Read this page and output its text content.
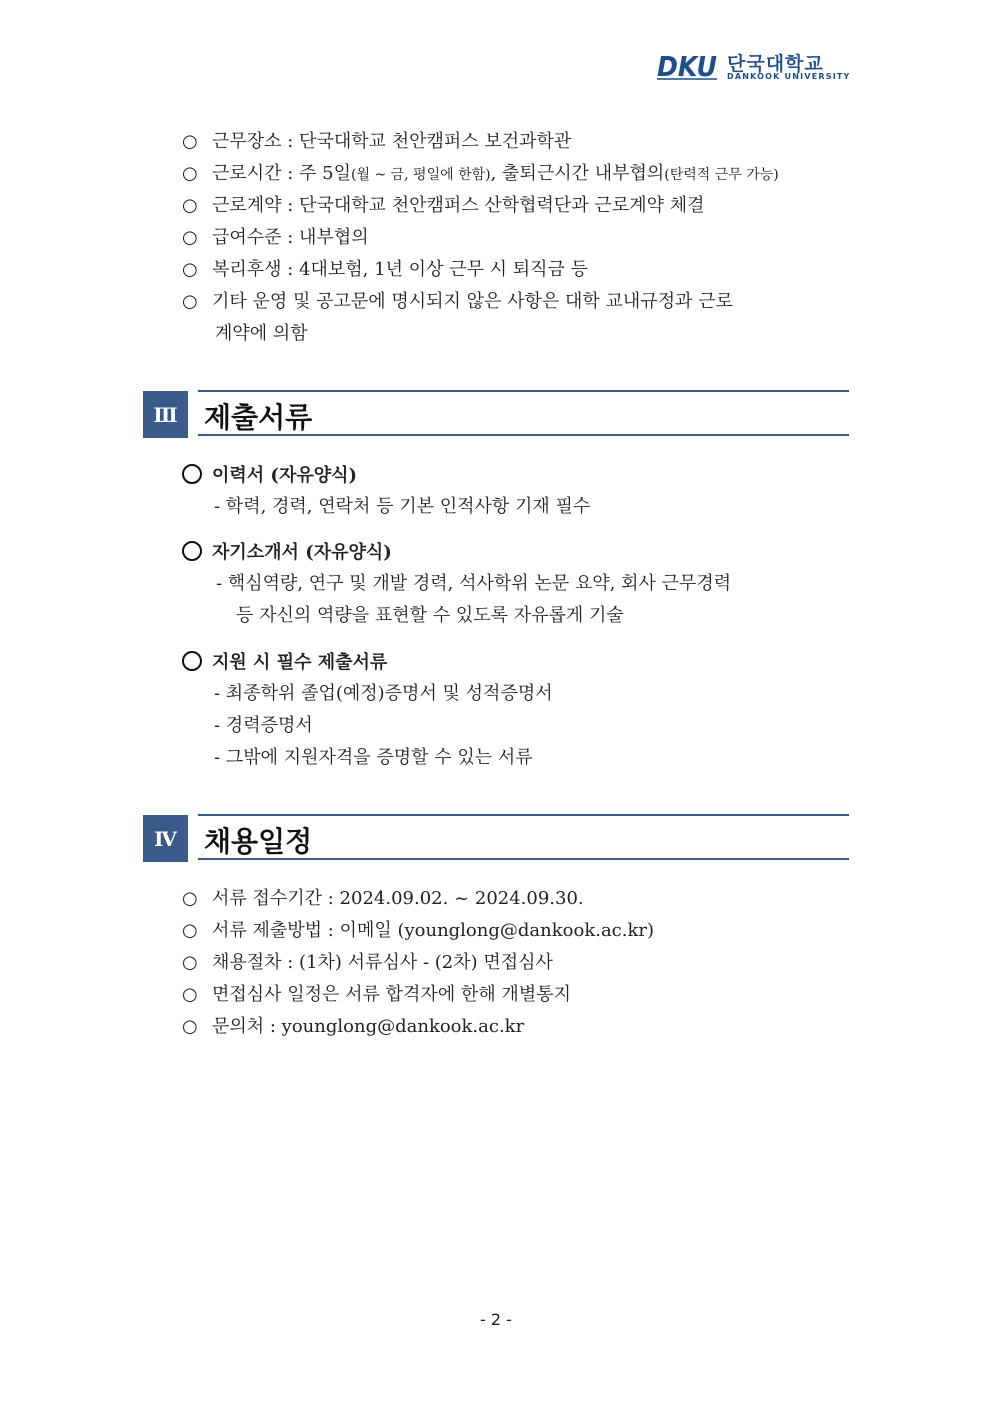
DKU 단국대학교
DANKOOK UNIVERSITY
○ 근무장소 : 단국대학교 천안캠퍼스 보건과학관
○ 근로시간 : 주 5일(월 ~ 금, 평일에 한함), 출퇴근시간 내부협의(탄력적 근무 가능)
○ 근로계약 : 단국대학교 천안캠퍼스 산학협력단과 근로계약 체결
○ 급여수준 : 내부협의
○ 복리후생 : 4대보험, 1년 이상 근무 시 퇴직금 등
○ 기타 운영 및 공고문에 명시되지 않은 사항은 대학 교내규정과 근로
계약에 의함
Ⅲ 제출서류
이력서 (자유양식)
- 학력, 경력, 연락처 등 기본 인적사항 기재 필수
자기소개서 (자유양식)
- 핵심역량, 연구 및 개발 경력, 석사학위 논문 요약, 회사 근무경력
등 자신의 역량을 표현할 수 있도록 자유롭게 기술
지원 시 필수 제출서류
- 최종학위 졸업(예정)증명서 및 성적증명서
- 경력증명서
- 그밖에 지원자격을 증명할 수 있는 서류
Ⅳ 채용일정
○ 서류 접수기간 : 2024.09.02. ~ 2024.09.30.
○ 서류 제출방법 : 이메일 (younglong@dankook.ac.kr)
○ 채용절차 : (1차) 서류심사 - (2차) 면접심사
○ 면접심사 일정은 서류 합격자에 한해 개별통지
○ 문의처 : younglong@dankook.ac.kr
- 2 -
